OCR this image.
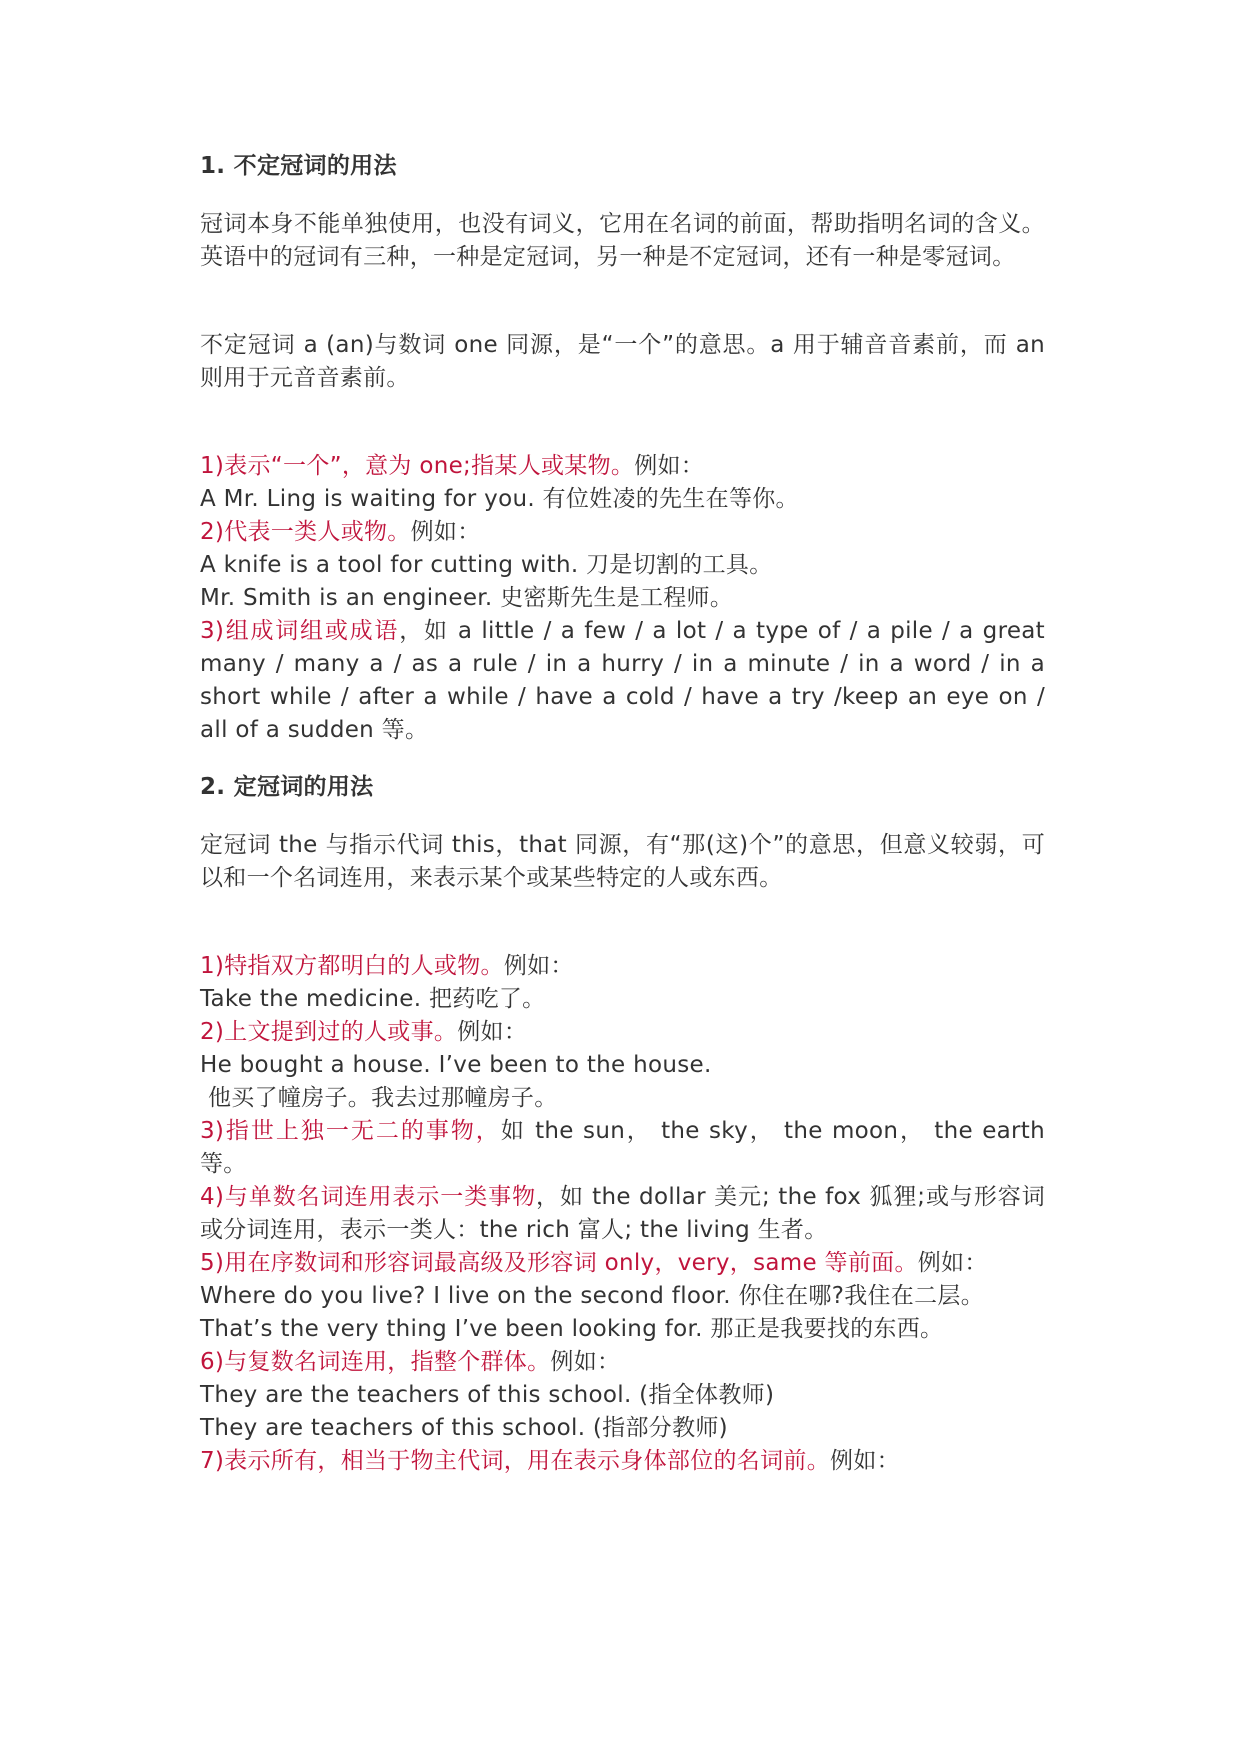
1. 不定冠词的用法

冠词本身不能单独使用，也没有词义，它用在名词的前面，帮助指明名词的含义。英语中的冠词有三种，一种是定冠词，另一种是不定冠词，还有一种是零冠词。

不定冠词 a (an)与数词 one 同源，是“一个”的意思。a 用于辅音音素前，而 an 则用于元音音素前。

1)表示“一个”，意为 one;指某人或某物。例如：

A Mr. Ling is waiting for you. 有位姓凌的先生在等你。

2)代表一类人或物。例如：

A knife is a tool for cutting with. 刀是切割的工具。

Mr. Smith is an engineer. 史密斯先生是工程师。

3)组成词组或成语，如 a little / a few / a lot / a type of / a pile / a great many / many a / as a rule / in a hurry / in a minute / in a word / in a short while / after a while / have a cold / have a try /keep an eye on / all of a sudden 等。

2. 定冠词的用法

定冠词 the 与指示代词 this，that 同源，有“那(这)个”的意思，但意义较弱，可以和一个名词连用，来表示某个或某些特定的人或东西。

1)特指双方都明白的人或物。例如：

Take the medicine. 把药吃了。

2)上文提到过的人或事。例如：

He bought a house. I’ve been to the house.

他买了幢房子。我去过那幢房子。

3)指世上独一无二的事物，如 the sun， the sky， the moon， the earth 等。

4)与单数名词连用表示一类事物，如 the dollar 美元; the fox 狐狸;或与形容词或分词连用，表示一类人：the rich 富人; the living 生者。

5)用在序数词和形容词最高级及形容词 only，very，same 等前面。例如：

Where do you live? I live on the second floor. 你住在哪?我住在二层。

That’s the very thing I’ve been looking for. 那正是我要找的东西。

6)与复数名词连用，指整个群体。例如：

They are the teachers of this school. (指全体教师)

They are teachers of this school. (指部分教师)

7)表示所有，相当于物主代词，用在表示身体部位的名词前。例如：
